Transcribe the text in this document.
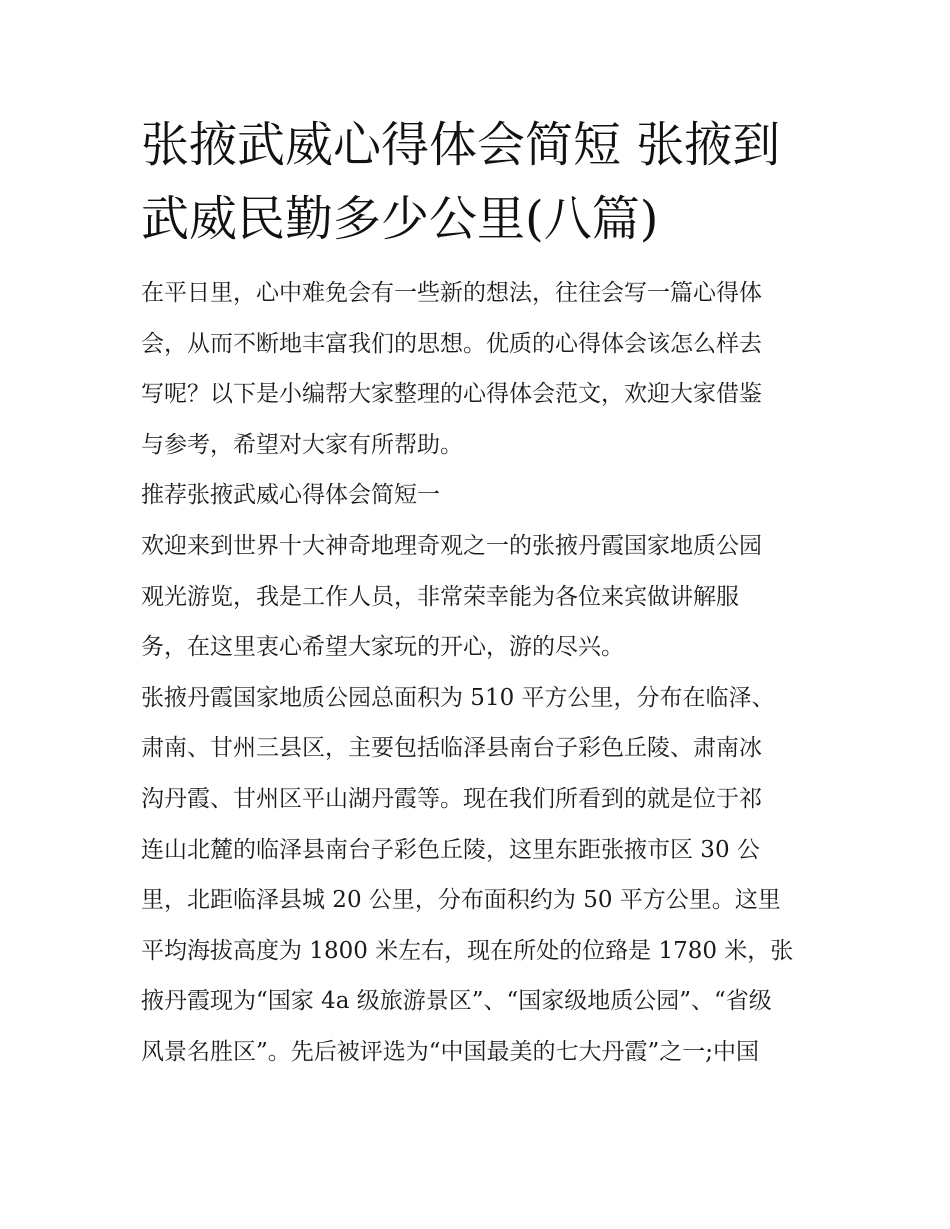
张掖武威心得体会简短 张掖到
武威民勤多少公里(八篇)
在平日里，心中难免会有一些新的想法，往往会写一篇心得体
会，从而不断地丰富我们的思想。优质的心得体会该怎么样去
写呢？以下是小编帮大家整理的心得体会范文，欢迎大家借鉴
与参考，希望对大家有所帮助。
推荐张掖武威心得体会简短一
欢迎来到世界十大神奇地理奇观之一的张掖丹霞国家地质公园
观光游览，我是工作人员，非常荣幸能为各位来宾做讲解服
务，在这里衷心希望大家玩的开心，游的尽兴。
张掖丹霞国家地质公园总面积为 510 平方公里，分布在临泽、
肃南、甘州三县区，主要包括临泽县南台子彩色丘陵、肃南冰
沟丹霞、甘州区平山湖丹霞等。现在我们所看到的就是位于祁
连山北麓的临泽县南台子彩色丘陵，这里东距张掖市区 30 公
里，北距临泽县城 20 公里，分布面积约为 50 平方公里。这里
平均海拔高度为 1800 米左右，现在所处的位臵是 1780 米，张
掖丹霞现为“国家 4a 级旅游景区”、“国家级地质公园”、“省级
风景名胜区”。先后被评选为“中国最美的七大丹霞”之一;中国
